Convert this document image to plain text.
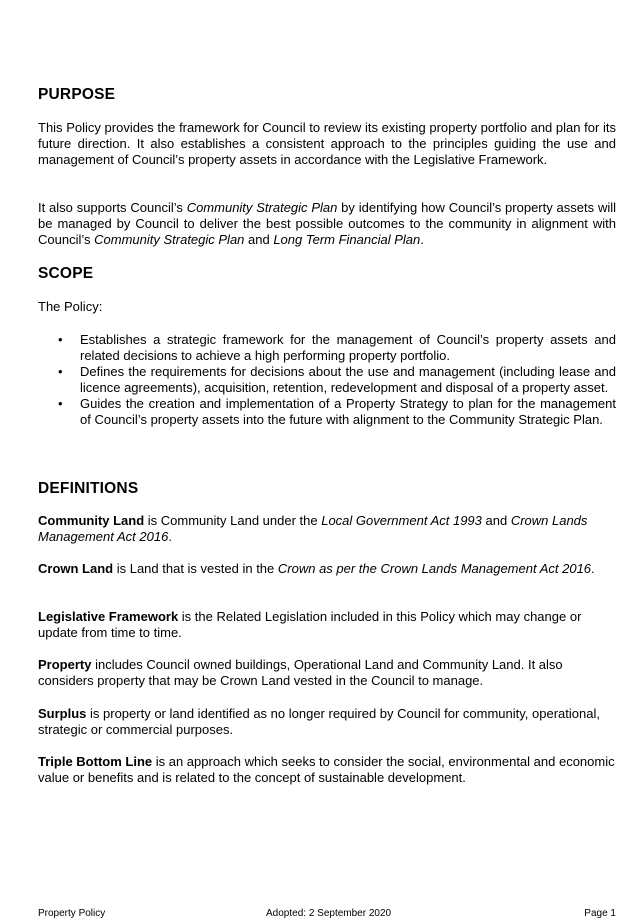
PURPOSE

This Policy provides the framework for Council to review its existing property portfolio and plan for its future direction. It also establishes a consistent approach to the principles guiding the use and management of Council’s property assets in accordance with the Legislative Framework.

It also supports Council’s Community Strategic Plan by identifying how Council’s property assets will be managed by Council to deliver the best possible outcomes to the community in alignment with Council’s Community Strategic Plan and Long Term Financial Plan.

SCOPE

The Policy:

• Establishes a strategic framework for the management of Council’s property assets and related decisions to achieve a high performing property portfolio.
• Defines the requirements for decisions about the use and management (including lease and licence agreements), acquisition, retention, redevelopment and disposal of a property asset.
• Guides the creation and implementation of a Property Strategy to plan for the management of Council’s property assets into the future with alignment to the Community Strategic Plan.
DEFINITIONS

Community Land is Community Land under the Local Government Act 1993 and Crown Lands Management Act 2016.

Crown Land is Land that is vested in the Crown as per the Crown Lands Management Act 2016.

Legislative Framework is the Related Legislation included in this Policy which may change or update from time to time.

Property includes Council owned buildings, Operational Land and Community Land. It also considers property that may be Crown Land vested in the Council to manage.

Surplus is property or land identified as no longer required by Council for community, operational, strategic or commercial purposes.

Triple Bottom Line is an approach which seeks to consider the social, environmental and economic value or benefits and is related to the concept of sustainable development.

Property Policy	Adopted: 2 September 2020	Page 1
